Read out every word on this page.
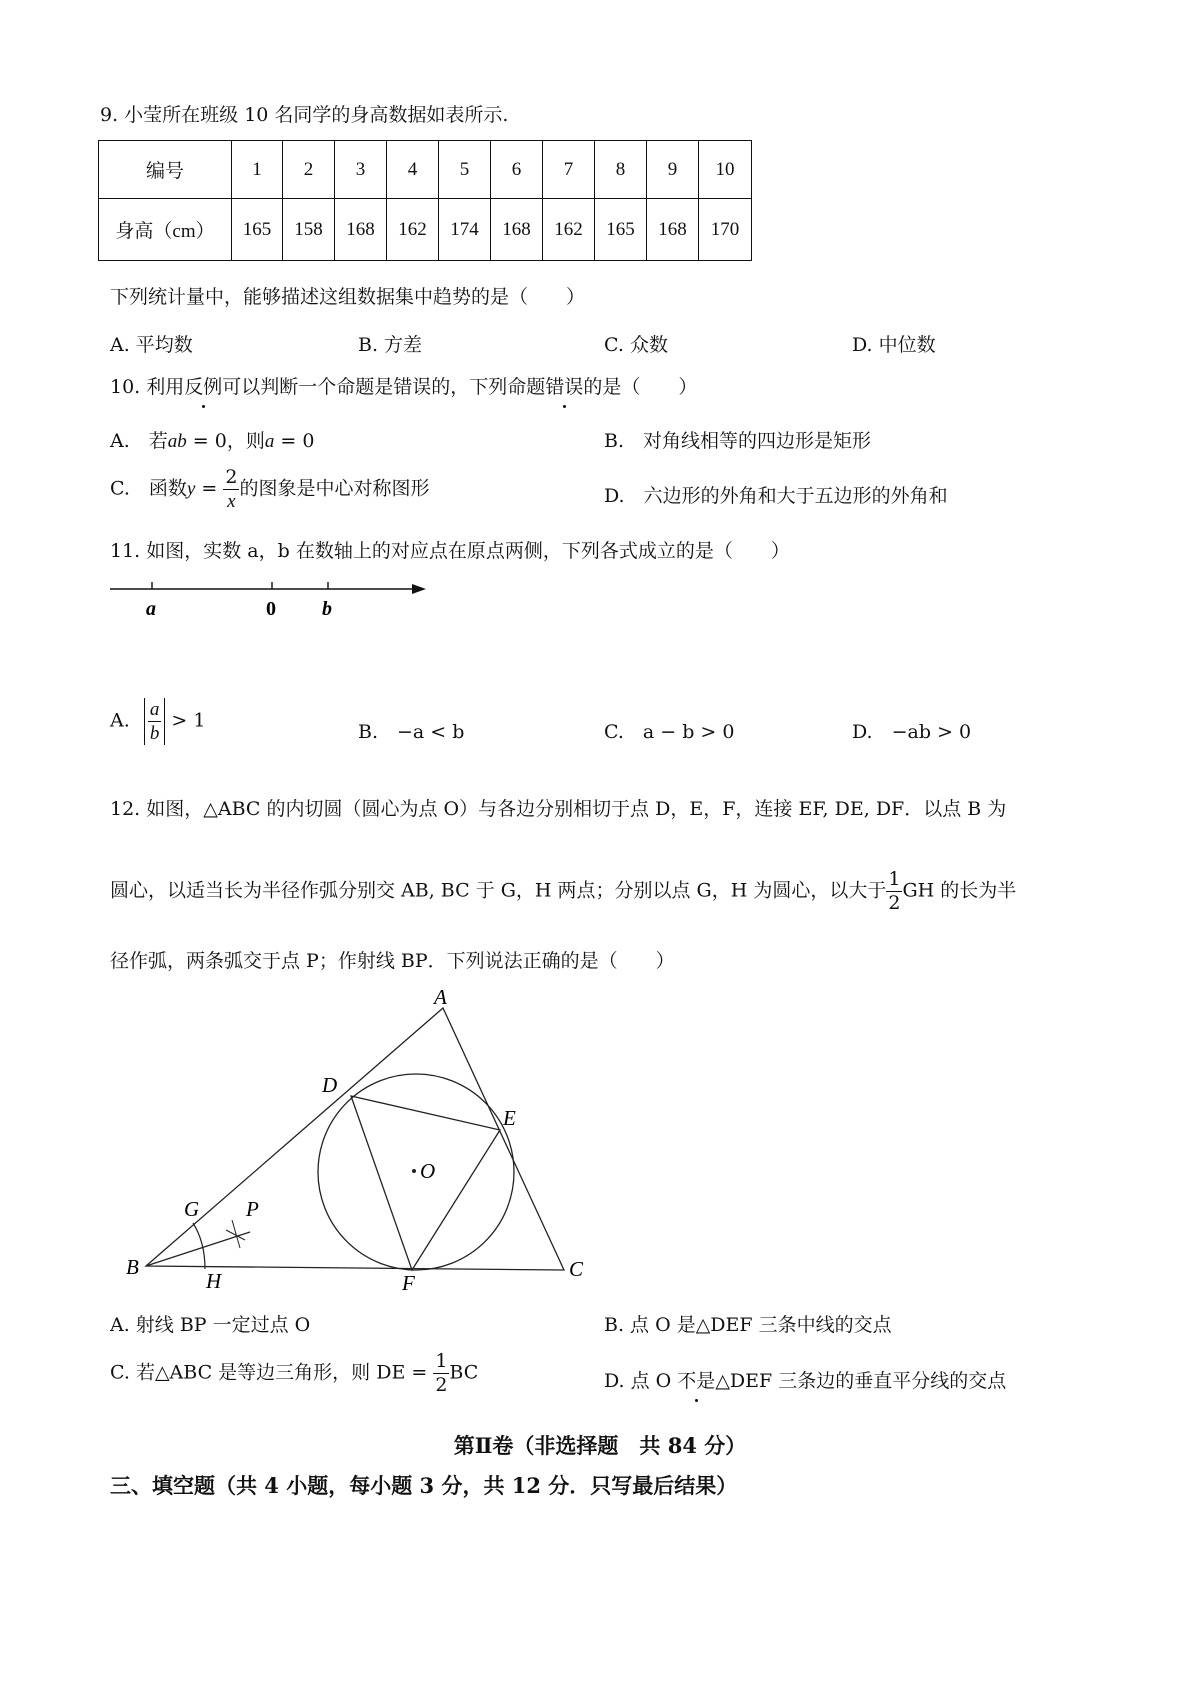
9. 小莹所在班级 10 名同学的身高数据如表所示.
编号	1	2	3	4	5	6	7	8	9	10
身高（cm）	165	158	168	162	174	168	162	165	168	170
下列统计量中，能够描述这组数据集中趋势的是（　　）
A. 平均数	B. 方差	C. 众数	D. 中位数
10. 利用反例可以判断一个命题是错误的，下列命题错误的是（　　）
A.　若ab = 0，则a = 0	B.　对角线相等的四边形是矩形
C.　函数$y = \frac{2}{x}$ 的图象是中心对称图形	D.　六边形的外角和大于五边形的外角和
11. 如图，实数 a，b 在数轴上的对应点在原点两侧，下列各式成立的是（　　）
a	0 b
A. $\frac{a}{b} > 1$
B.　−a < b	C.　a − b > 0	D.　−ab > 0
12. 如图，△ABC 的内切圆（圆心为点 O）与各边分别相切于点 D，E，F，连接 EF, DE, DF．以点 B 为
圆心，以适当长为半径作弧分别交 AB, BC 于 G，H 两点；分别以点 G，H 为圆心，以大于 $\frac{1}{2}$ GH 的长为半
径作弧，两条弧交于点 P；作射线 BP．下列说法正确的是（　　）
A
B	C
D
E
F
G
H
P
O
A. 射线 BP 一定过点 O	B. 点 O 是△DEF 三条中线的交点
C. 若△ABC 是等边三角形，则 DE = $\frac{1}{2}$ BC	D. 点 O 不是△DEF 三条边的垂直平分线的交点
第Ⅱ卷（非选择题　共 84 分）
三、填空题（共 4 小题，每小题 3 分，共 12 分．只写最后结果）
